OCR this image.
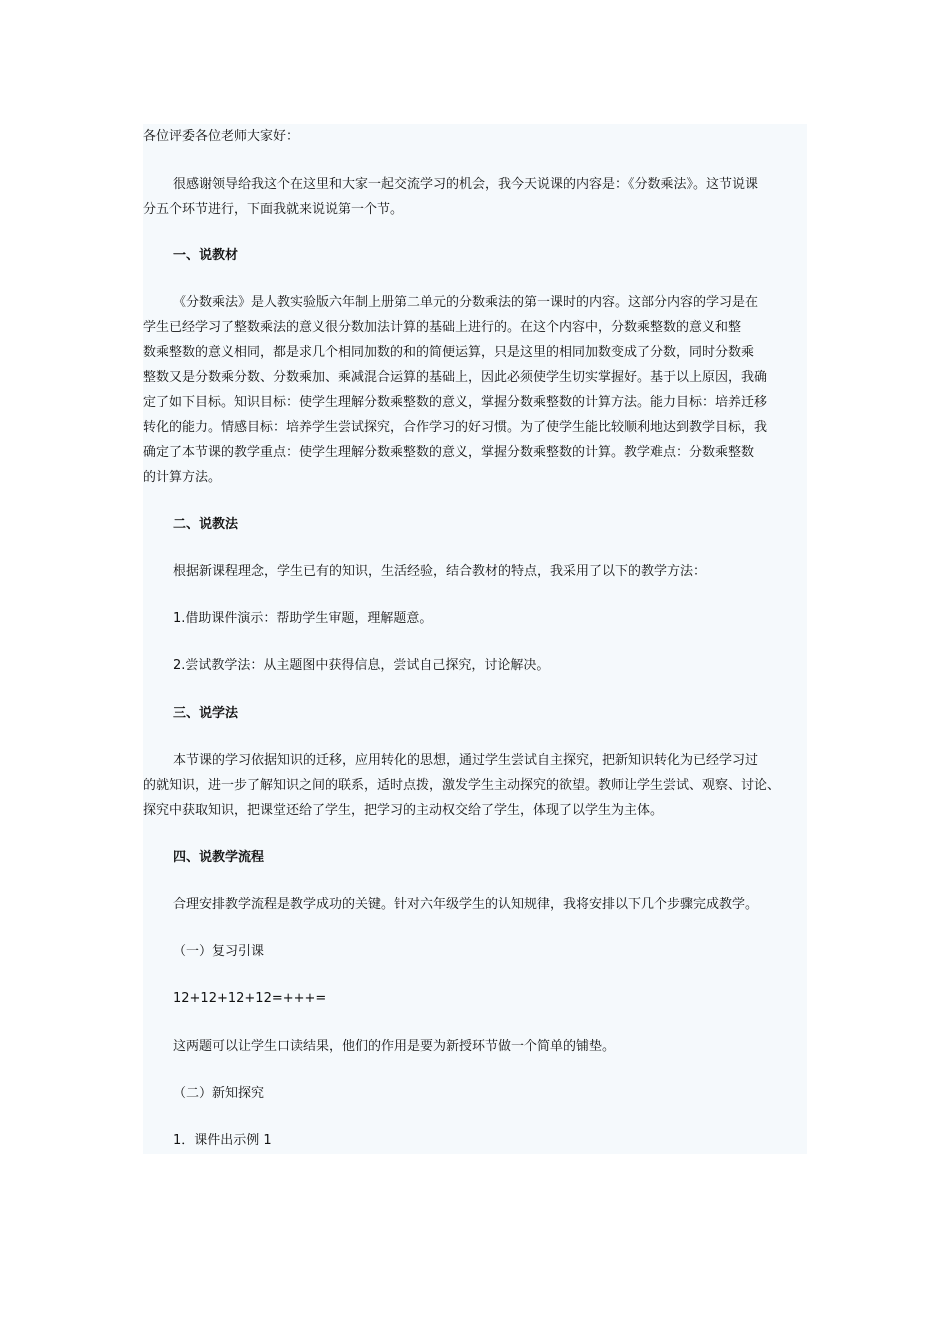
各位评委各位老师大家好：
很感谢领导给我这个在这里和大家一起交流学习的机会，我今天说课的内容是：《分数乘法》。这节说课
分五个环节进行，下面我就来说说第一个节。
一、说教材
《分数乘法》是人教实验版六年制上册第二单元的分数乘法的第一课时的内容。这部分内容的学习是在
学生已经学习了整数乘法的意义很分数加法计算的基础上进行的。在这个内容中，分数乘整数的意义和整
数乘整数的意义相同，都是求几个相同加数的和的简便运算，只是这里的相同加数变成了分数，同时分数乘
整数又是分数乘分数、分数乘加、乘减混合运算的基础上，因此必须使学生切实掌握好。基于以上原因，我确
定了如下目标。知识目标：使学生理解分数乘整数的意义，掌握分数乘整数的计算方法。能力目标：培养迁移
转化的能力。情感目标：培养学生尝试探究，合作学习的好习惯。为了使学生能比较顺利地达到教学目标，我
确定了本节课的教学重点：使学生理解分数乘整数的意义，掌握分数乘整数的计算。教学难点：分数乘整数
的计算方法。
二、说教法
根据新课程理念，学生已有的知识，生活经验，结合教材的特点，我采用了以下的教学方法：
1.借助课件演示：帮助学生审题，理解题意。
2.尝试教学法：从主题图中获得信息，尝试自己探究，讨论解决。
三、说学法
本节课的学习依据知识的迁移，应用转化的思想，通过学生尝试自主探究，把新知识转化为已经学习过
的就知识，进一步了解知识之间的联系，适时点拨，激发学生主动探究的欲望。教师让学生尝试、观察、讨论、
探究中获取知识，把课堂还给了学生，把学习的主动权交给了学生，体现了以学生为主体。
四、说教学流程
合理安排教学流程是教学成功的关键。针对六年级学生的认知规律，我将安排以下几个步骤完成教学。
（一）复习引课
12+12+12+12=+++=
这两题可以让学生口读结果，他们的作用是要为新授环节做一个简单的铺垫。
（二）新知探究
1．课件出示例 1
